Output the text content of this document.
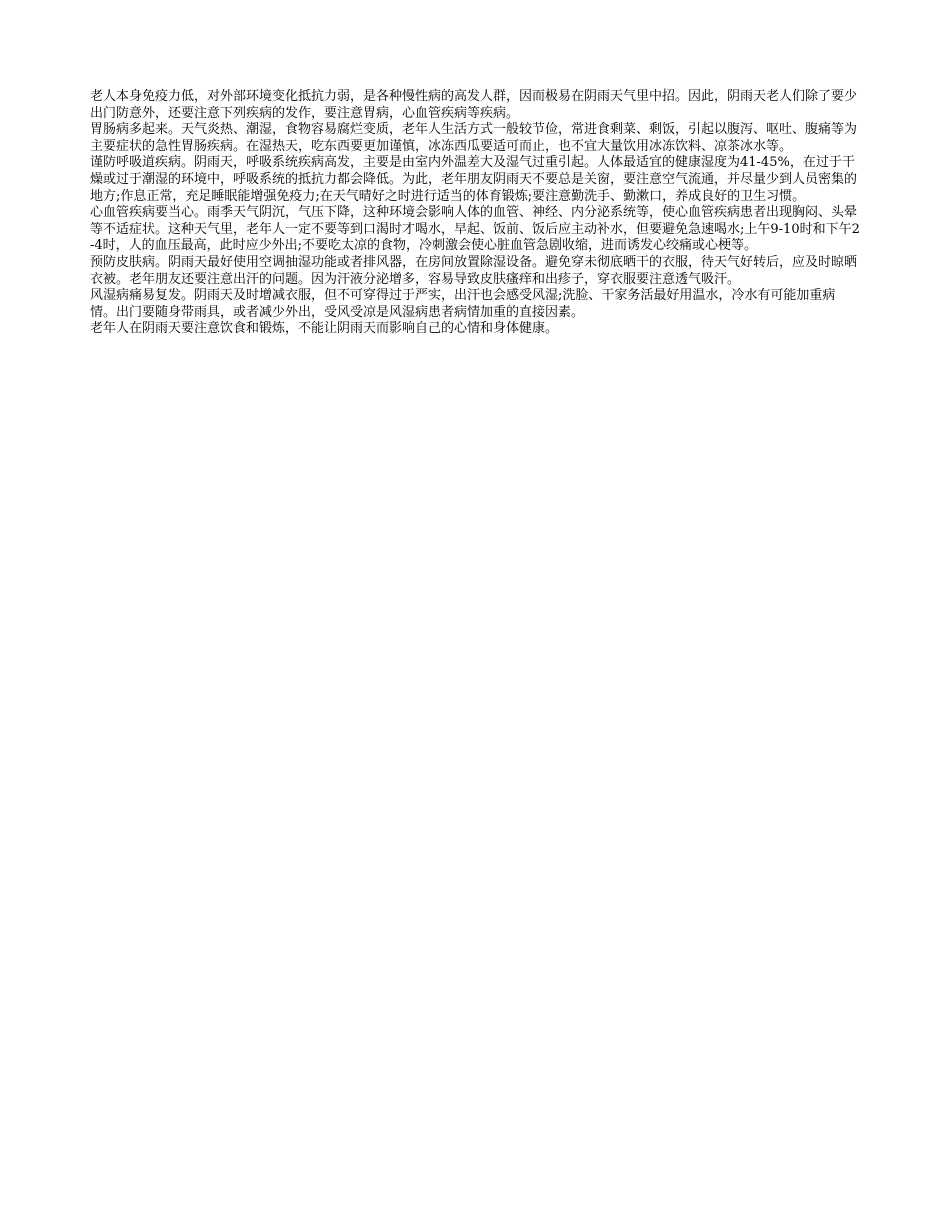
老人本身免疫力低，对外部环境变化抵抗力弱，是各种慢性病的高发人群，因而极易在阴雨天气里中招。因此，阴雨天老人们除了要少出门防意外，还要注意下列疾病的发作，要注意胃病，心血管疾病等疾病。

胃肠病多起来。天气炎热、潮湿，食物容易腐烂变质，老年人生活方式一般较节俭，常进食剩菜、剩饭，引起以腹泻、呕吐、腹痛等为主要症状的急性胃肠疾病。在湿热天，吃东西要更加谨慎，冰冻西瓜要适可而止，也不宜大量饮用冰冻饮料、凉茶冰水等。

谨防呼吸道疾病。阴雨天，呼吸系统疾病高发，主要是由室内外温差大及湿气过重引起。人体最适宜的健康湿度为41-45%，在过于干燥或过于潮湿的环境中，呼吸系统的抵抗力都会降低。为此，老年朋友阴雨天不要总是关窗，要注意空气流通，并尽量少到人员密集的地方;作息正常，充足睡眠能增强免疫力;在天气晴好之时进行适当的体育锻炼;要注意勤洗手、勤漱口，养成良好的卫生习惯。

心血管疾病要当心。雨季天气阴沉，气压下降，这种环境会影响人体的血管、神经、内分泌系统等，使心血管疾病患者出现胸闷、头晕等不适症状。这种天气里，老年人一定不要等到口渴时才喝水，早起、饭前、饭后应主动补水，但要避免急速喝水;上午9-10时和下午2-4时，人的血压最高，此时应少外出;不要吃太凉的食物，冷刺激会使心脏血管急剧收缩，进而诱发心绞痛或心梗等。

预防皮肤病。阴雨天最好使用空调抽湿功能或者排风器，在房间放置除湿设备。避免穿未彻底晒干的衣服，待天气好转后，应及时晾晒衣被。老年朋友还要注意出汗的问题。因为汗液分泌增多，容易导致皮肤瘙痒和出疹子，穿衣服要注意透气吸汗。

风湿病痛易复发。阴雨天及时增减衣服，但不可穿得过于严实，出汗也会感受风湿;洗脸、干家务活最好用温水，冷水有可能加重病情。出门要随身带雨具，或者减少外出，受风受凉是风湿病患者病情加重的直接因素。

老年人在阴雨天要注意饮食和锻炼，不能让阴雨天而影响自己的心情和身体健康。
